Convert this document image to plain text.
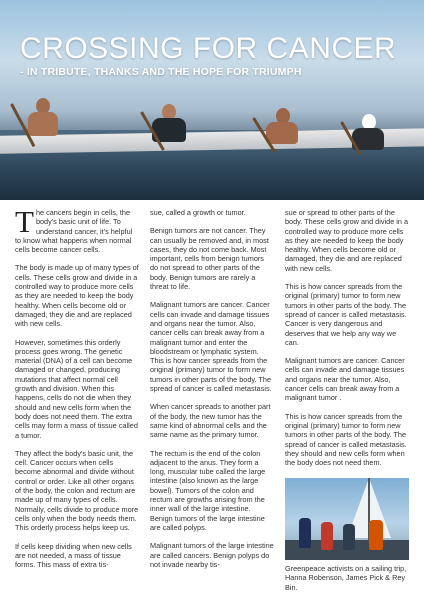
CROSSING FOR CANCER
- IN TRIBUTE, THANKS AND THE HOPE FOR TRIUMPH

The cancers begin in cells, the body's basic unit of life. To understand cancer, it's helpful to know what happens when normal cells become cancer cells.

The body is made up of many types of cells. These cells grow and divide in a controlled way to produce more cells as they are needed to keep the body healthy. When cells become old or damaged, they die and are replaced with new cells.

However, sometimes this orderly process goes wrong. The genetic material (DNA) of a cell can become damaged or changed, producing mutations that affect normal cell growth and division. When this happens, cells do not die when they should and new cells form when the body does not need them. The extra cells may form a mass of tissue called a tumor.

They affect the body's basic unit, the cell. Cancer occurs when cells become abnormal and divide without control or order. Like all other organs of the body, the colon and rectum are made up of many types of cells. Normally, cells divide to produce more cells only when the body needs them. This orderly process helps keep us.

If cells keep dividing when new cells are not needed, a mass of tissue forms. This mass of extra tis-

sue, called a growth or tumor.

Benign tumors are not cancer. They can usually be removed and, in most cases, they do not come back. Most important, cells from benign tumors do not spread to other parts of the body. Benign tumors are rarely a threat to life.

Malignant tumors are cancer. Cancer cells can invade and damage tissues and organs near the tumor. Also, cancer cells can break away from a malignant tumor and enter the bloodstream or lymphatic system. This is how cancer spreads from the original (primary) tumor to form new tumors in other parts of the body. The spread of cancer is called metastasis.

When cancer spreads to another part of the body, the new tumor has the same kind of abnormal cells and the same name as the primary tumor.

The rectum is the end of the colon adjacent to the anus. They form a long, muscular tube called the large intestine (also known as the large bowel). Tumors of the colon and rectum are growths arising from the inner wall of the large intestine. Benign tumors of the large intestine are called polyps.

Malignant tumors of the large intestine are called cancers. Benign polyps do not invade nearby tis-

sue or spread to other parts of the body. These cells grow and divide in a controlled way to produce more cells as they are needed to keep the body healthy. When cells become old or damaged, they die and are replaced with new cells.

This is how cancer spreads from the original (primary) tumor to form new tumors in other parts of the body. The spread of cancer is called metastasis. Cancer is very dangerous and deserves that we help any way we can.

Malignant tumors are cancer. Cancer cells can invade and damage tissues and organs near the tumor. Also, cancer cells can break away from a malignant tumor .

This is how cancer spreads from the original (primary) tumor to form new tumors in other parts of the body. The spread of cancer is called metastasis. they should and new cells form when the body does not need them.

Greenpeace activists on a sailing trip, Hanna Robenson, James Pick & Rey Bin.
